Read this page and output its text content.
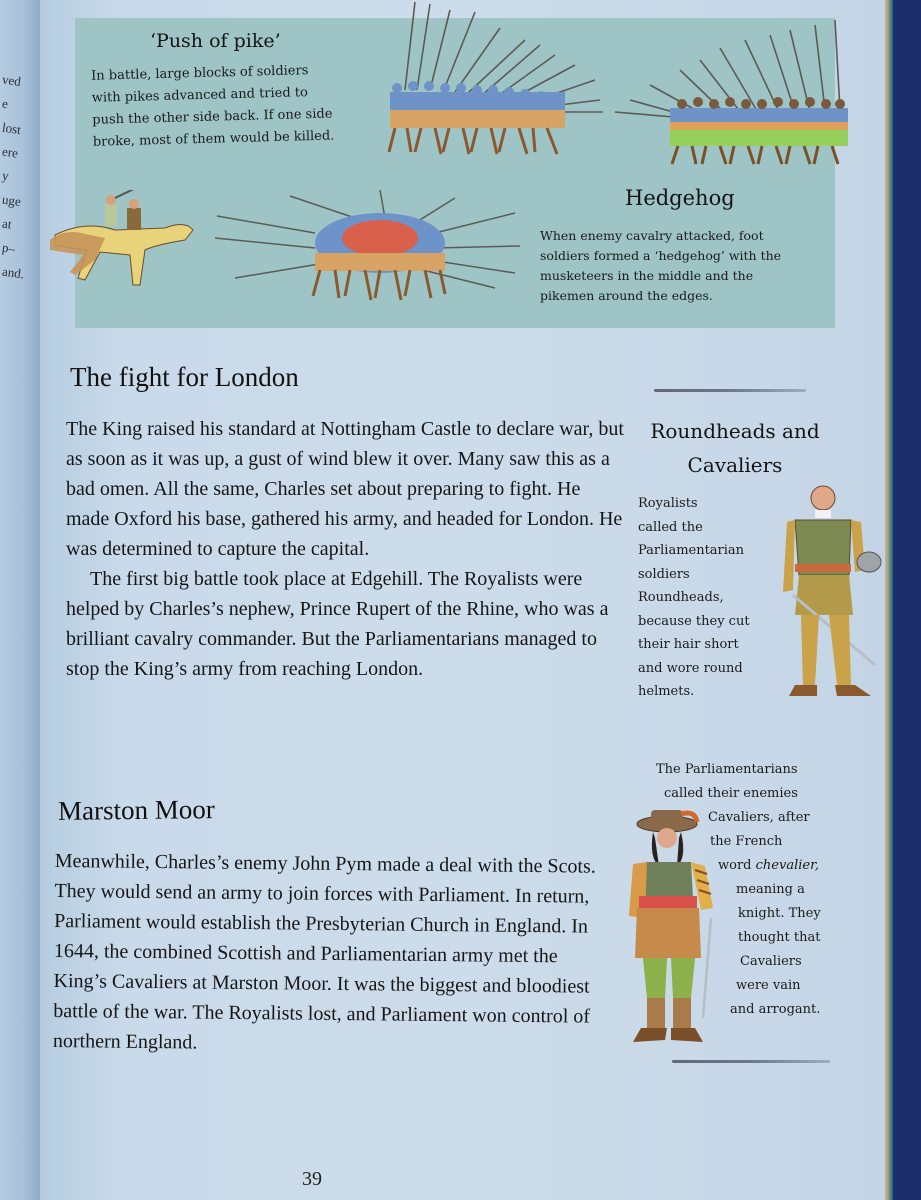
ved
e
lost
ere
y
uge
at
p–
and.
‘Push of pike’
In battle, large blocks of soldiers
with pikes advanced and tried to
push the other side back. If one side
broke, most of them would be killed.
Hedgehog
When enemy cavalry attacked, foot
soldiers formed a ‘hedgehog’ with the
musketeers in the middle and the
pikemen around the edges.
The fight for London

The King raised his standard at Nottingham Castle to declare war, but as soon as it was up, a gust of wind blew it over. Many saw this as a bad omen. All the same, Charles set about preparing to fight. He made Oxford his base, gathered his army, and headed for London. He was determined to capture the capital.

The first big battle took place at Edgehill. The Royalists were helped by Charles’s nephew, Prince Rupert of the Rhine, who was a brilliant cavalry commander. But the Parliamentarians managed to stop the King’s army from reaching London.

Marston Moor

Meanwhile, Charles’s enemy John Pym made a deal with the Scots. They would send an army to join forces with Parliament. In return, Parliament would establish the Presbyterian Church in England. In 1644, the combined Scottish and Parliamentarian army met the King’s Cavaliers at Marston Moor. It was the biggest and bloodiest battle of the war. The Royalists lost, and Parliament won control of northern England.

Roundheads and
Cavaliers
Royalists
called the
Parliamentarian
soldiers
Roundheads,
because they cut
their hair short
and wore round
helmets.
The Parliamentarians
called their enemies
Cavaliers, after
the French
word chevalier,
meaning a
knight. They
thought that
Cavaliers
were vain
and arrogant.
39
